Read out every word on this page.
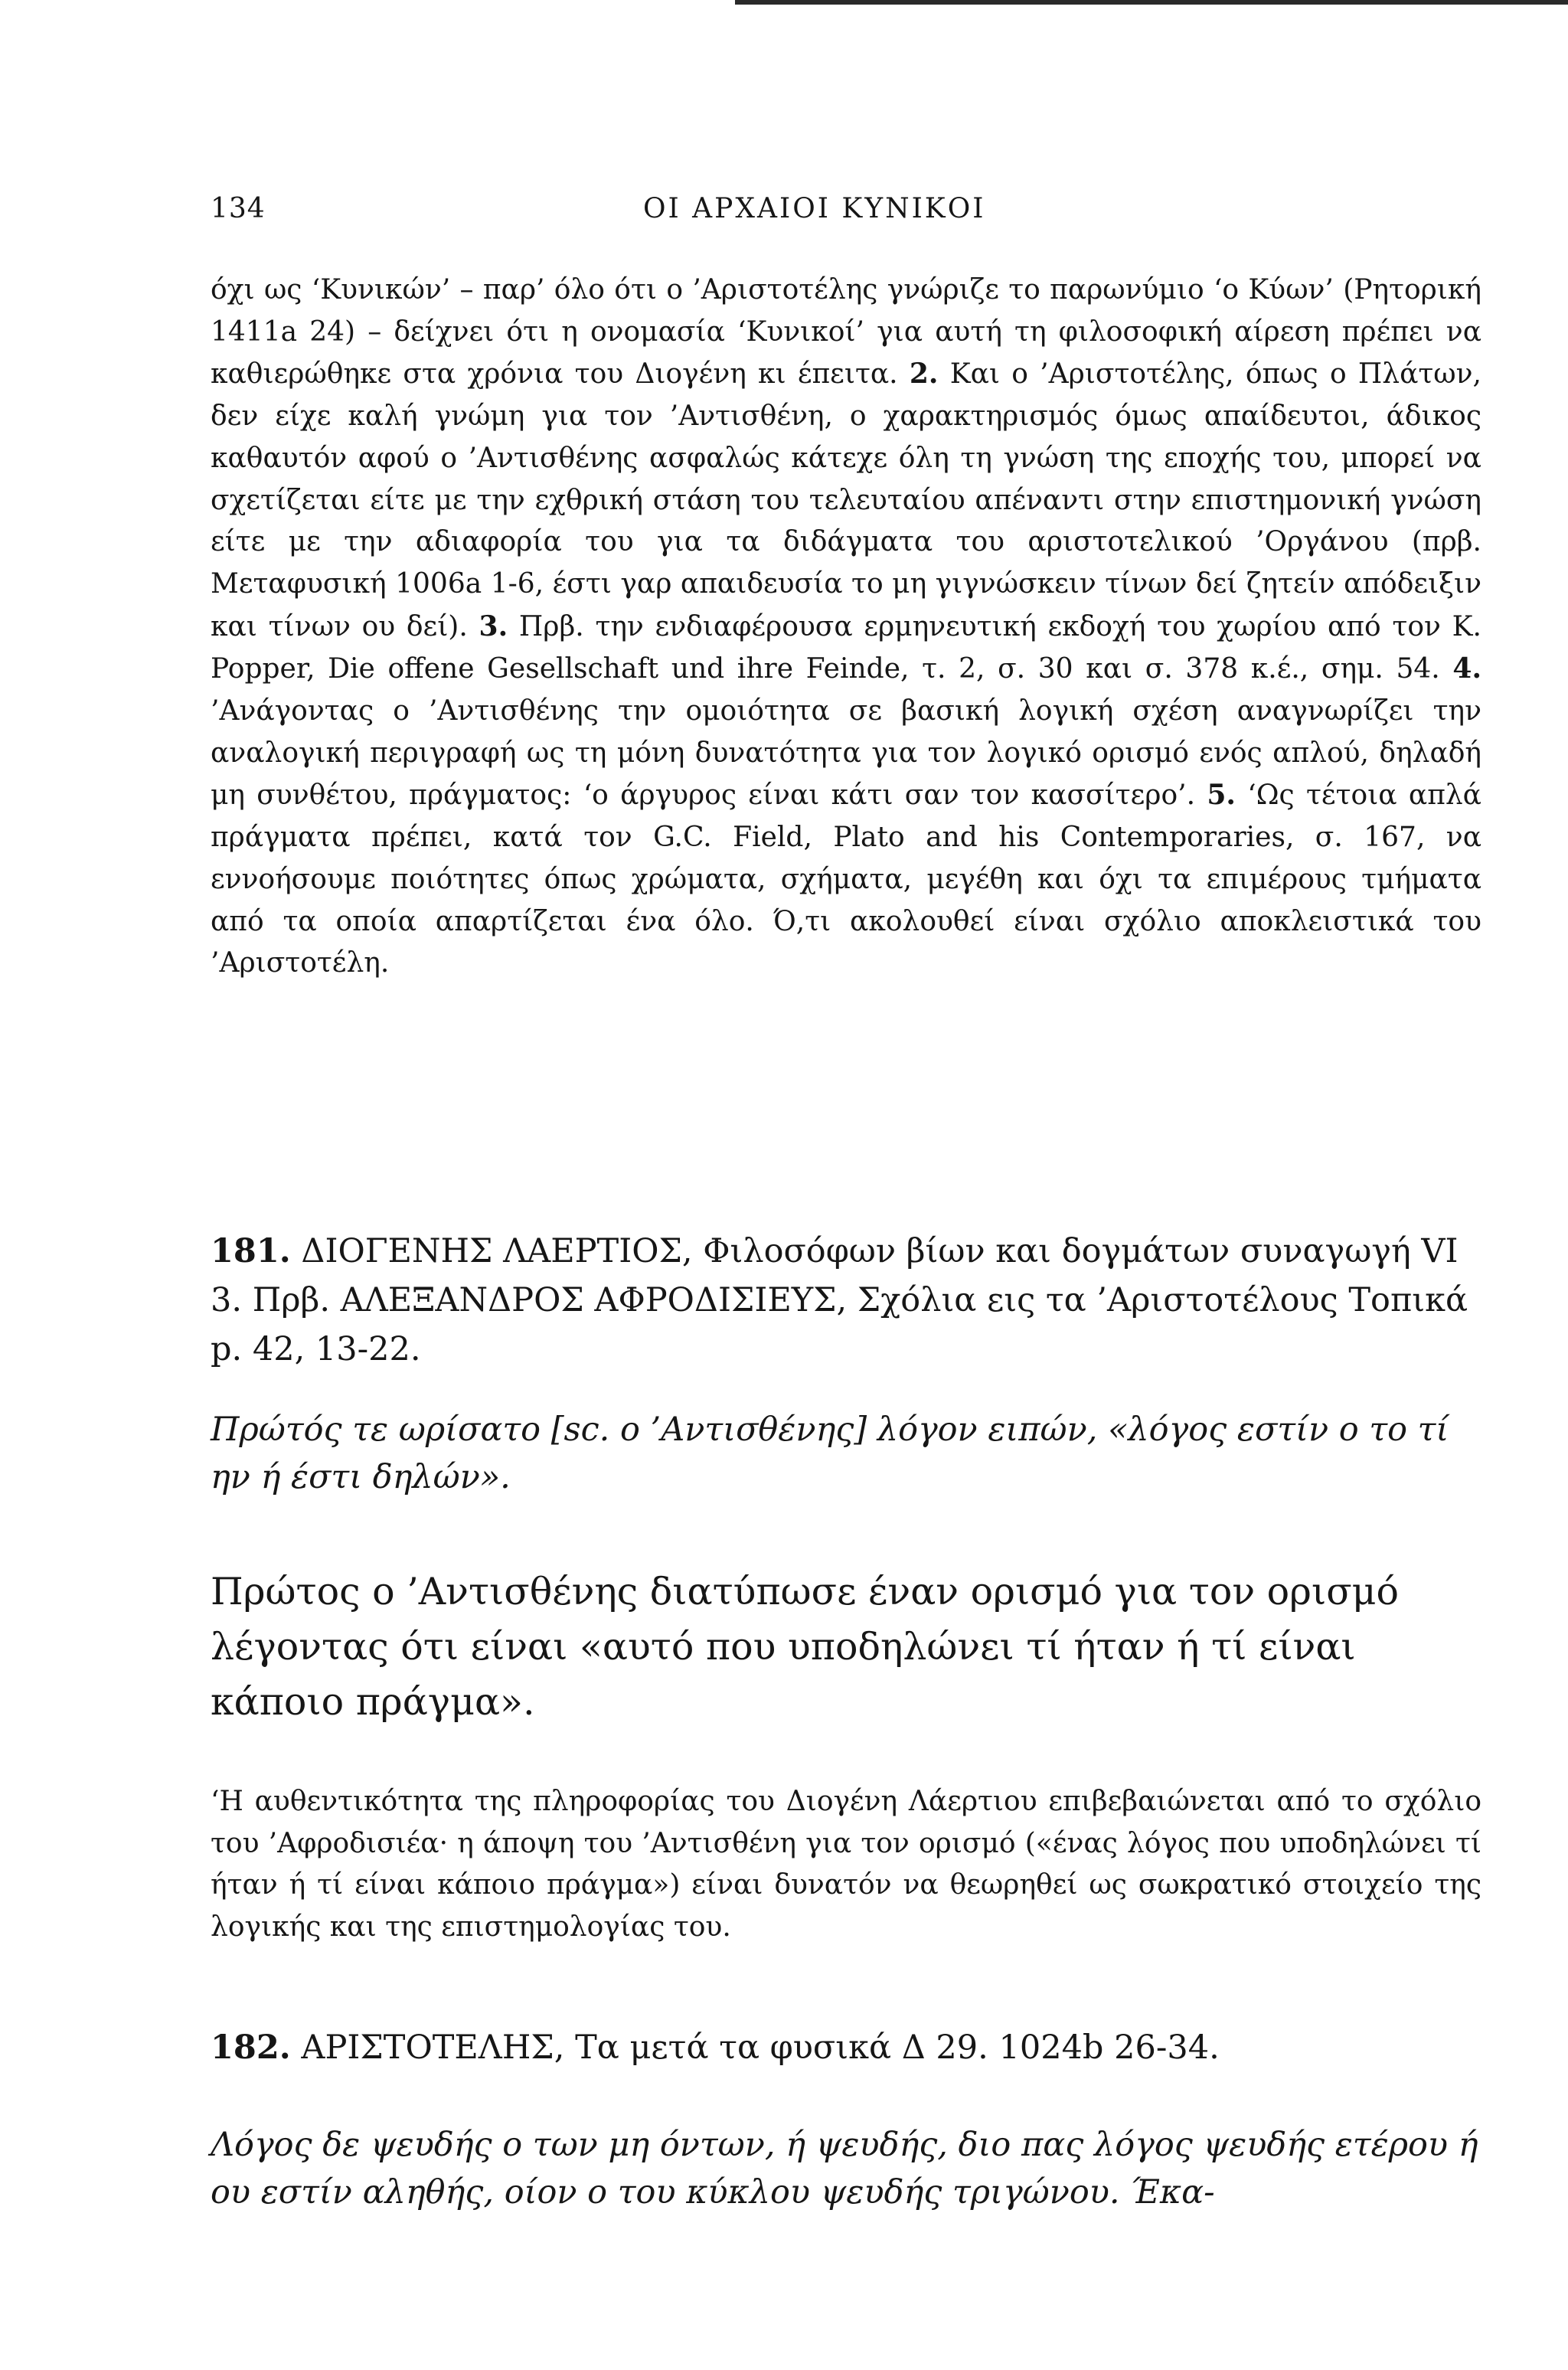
134	ΟΙ ΑΡΧΑΙΟΙ ΚΥΝΙΚΟΙ
όχι ως ‘Κυνικών’ – παρ’ όλο ότι ο ’Αριστοτέλης γνώριζε το παρωνύμιο ‘ο Κύων’ (Ρητορική 1411a 24) – δείχνει ότι η ονομασία ‘Κυνικοί’ για αυτή τη φιλοσοφική αίρεση πρέπει να καθιερώθηκε στα χρόνια του Διογένη κι έπειτα. 2. Και ο ’Αριστοτέλης, όπως ο Πλάτων, δεν είχε καλή γνώμη για τον ’Αντισθένη, ο χαρακτηρισμός όμως απαίδευτοι, άδικος καθαυτόν αφού ο ’Αντισθένης ασφαλώς κάτεχε όλη τη γνώση της εποχής του, μπορεί να σχετίζεται είτε με την εχθρική στάση του τελευταίου απέναντι στην επιστημονική γνώση είτε με την αδιαφορία του για τα διδάγματα του αριστοτελικού ’Οργάνου (πρβ. Μεταφυσική 1006a 1-6, έστι γαρ απαιδευσία το μη γιγνώσκειν τίνων δεί ζητείν απόδειξιν και τίνων ου δεί). 3. Πρβ. την ενδιαφέρουσα ερμηνευτική εκδοχή του χωρίου από τον K. Popper, Die offene Gesellschaft und ihre Feinde, τ. 2, σ. 30 και σ. 378 κ.έ., σημ. 54. 4. ’Ανάγοντας ο ’Αντισθένης την ομοιότητα σε βασική λογική σχέση αναγνωρίζει την αναλογική περιγραφή ως τη μόνη δυνατότητα για τον λογικό ορισμό ενός απλού, δηλαδή μη συνθέτου, πράγματος: ‘ο άργυρος είναι κάτι σαν τον κασσίτερο’. 5. ‘Ως τέτοια απλά πράγματα πρέπει, κατά τον G.C. Field, Plato and his Contemporaries, σ. 167, να εννοήσουμε ποιότητες όπως χρώματα, σχήματα, μεγέθη και όχι τα επιμέρους τμήματα από τα οποία απαρτίζεται ένα όλο. Ό,τι ακολουθεί είναι σχόλιο αποκλειστικά του ’Αριστοτέλη.
181. ΔΙΟΓΕΝΗΣ ΛΑΕΡΤΙΟΣ, Φιλοσόφων βίων και δογμάτων συναγωγή VI 3. Πρβ. ΑΛΕΞΑΝΔΡΟΣ ΑΦΡΟΔΙΣΙΕΥΣ, Σχόλια εις τα ’Αριστοτέλους Τοπικά p. 42, 13-22.
Πρώτός τε ωρίσατο [sc. ο ’Αντισθένης] λόγον ειπών, «λόγος εστίν ο το τί ην ή έστι δηλών».
Πρώτος ο ’Αντισθένης διατύπωσε έναν ορισμό για τον ορισμό λέγοντας ότι είναι «αυτό που υποδηλώνει τί ήταν ή τί είναι κάποιο πράγμα».
‘Η αυθεντικότητα της πληροφορίας του Διογένη Λάερτιου επιβεβαιώνεται από το σχόλιο του ’Αφροδισιέα· η άποψη του ’Αντισθένη για τον ορισμό («ένας λόγος που υποδηλώνει τί ήταν ή τί είναι κάποιο πράγμα») είναι δυνατόν να θεωρηθεί ως σωκρατικό στοιχείο της λογικής και της επιστημολογίας του.
182. ΑΡΙΣΤΟΤΕΛΗΣ, Τα μετά τα φυσικά Δ 29. 1024b 26-34.
Λόγος δε ψευδής ο των μη όντων, ή ψευδής, διο πας λόγος ψευδής ετέρου ή ου εστίν αληθής, οίον ο του κύκλου ψευδής τριγώνου. Έκα-
